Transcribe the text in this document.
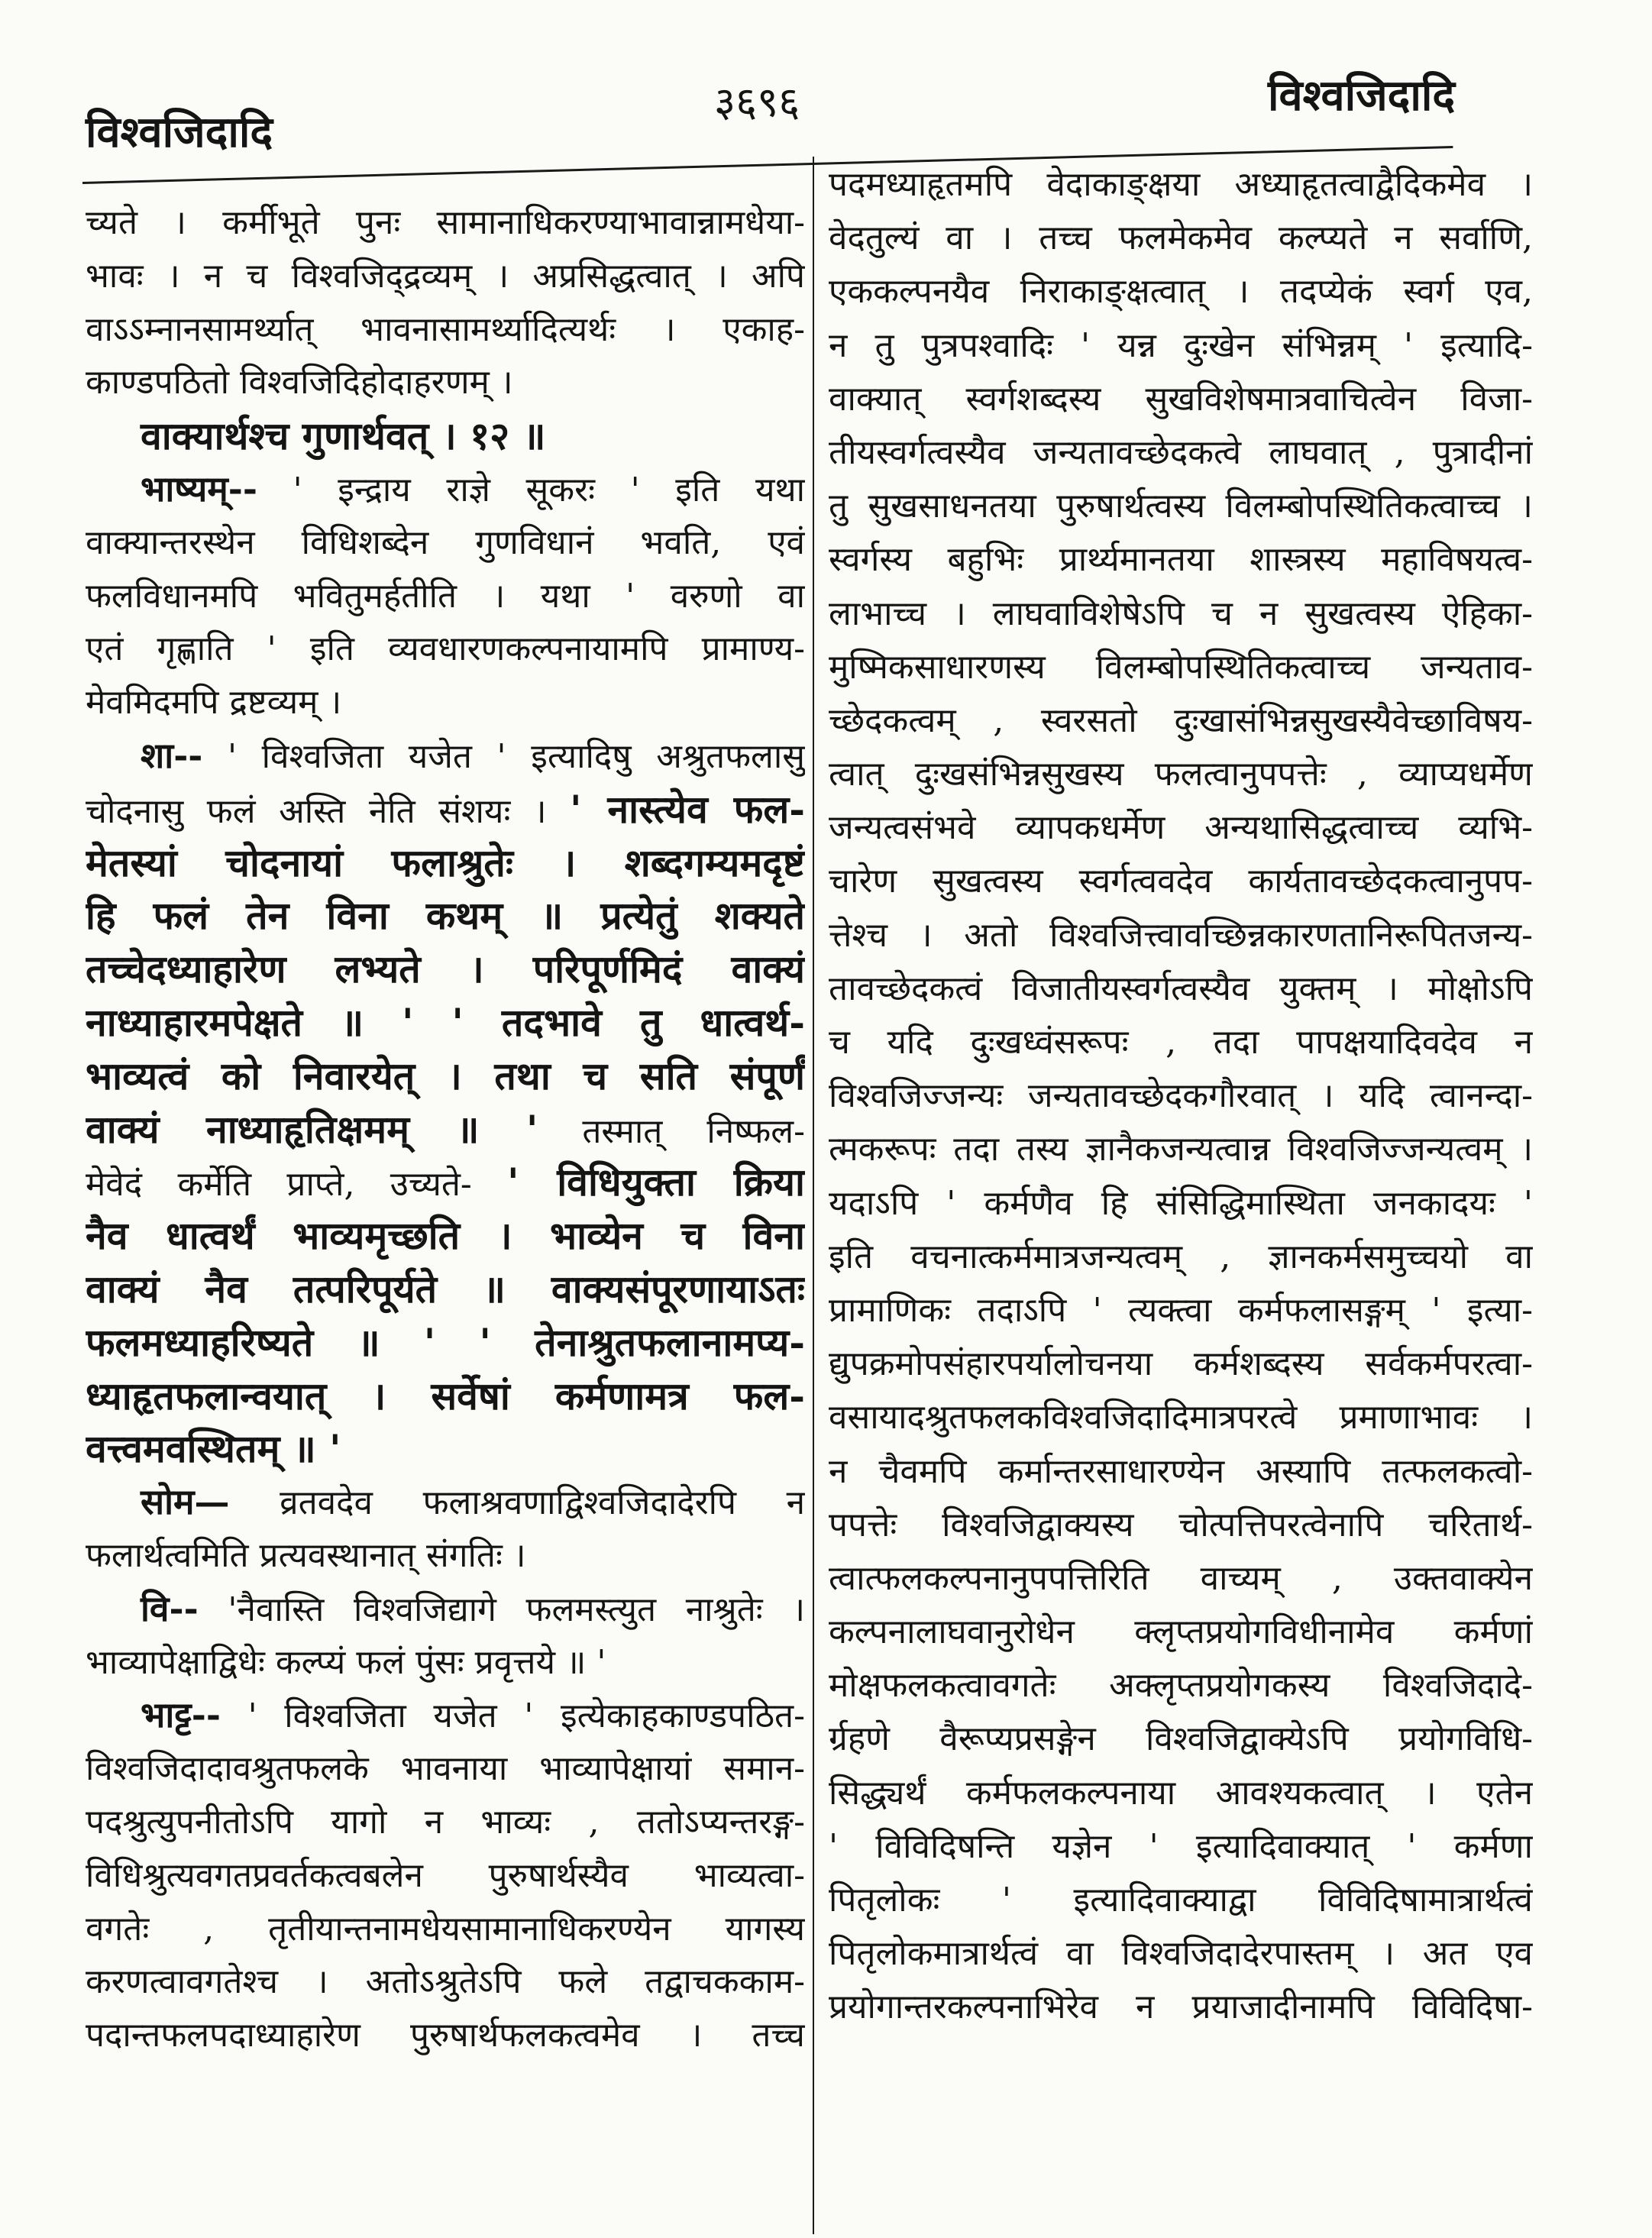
विश्वजिदादि
३६९६	विश्वजिदादि
च्यते । कर्मीभूते पुनः सामानाधिकरण्याभावान्नामधेया-
भावः । न च विश्वजिद्द्रव्यम् । अप्रसिद्धत्वात् । अपि
वाऽऽम्नानसामर्थ्यात् भावनासामर्थ्यादित्यर्थः । एकाह-
काण्डपठितो विश्वजिदिहोदाहरणम् ।
वाक्यार्थश्च गुणार्थवत् । १२ ॥
भाष्यम्-- ' इन्द्राय राज्ञे सूकरः ' इति यथा
वाक्यान्तरस्थेन विधिशब्देन गुणविधानं भवति, एवं
फलविधानमपि भवितुमर्हतीति । यथा ' वरुणो वा
एतं गृह्णाति ' इति व्यवधारणकल्पनायामपि प्रामाण्य-
मेवमिदमपि द्रष्टव्यम् ।
शा-- ' विश्वजिता यजेत ' इत्यादिषु अश्रुतफलासु
चोदनासु फलं अस्ति नेति संशयः । ' नास्त्येव फल-
मेतस्यां चोदनायां फलाश्रुतेः । शब्दगम्यमदृष्टं
हि फलं तेन विना कथम् ॥ प्रत्येतुं शक्यते
तच्चेदध्याहारेण लभ्यते । परिपूर्णमिदं वाक्यं
नाध्याहारमपेक्षते ॥ ' ' तदभावे तु धात्वर्थ-
भाव्यत्वं को निवारयेत् । तथा च सति संपूर्णं
वाक्यं नाध्याहृतिक्षमम् ॥ ' तस्मात् निष्फल-
मेवेदं कर्मेति प्राप्ते, उच्यते- ' विधियुक्ता क्रिया
नैव धात्वर्थं भाव्यमृच्छति । भाव्येन च विना
वाक्यं नैव तत्परिपूर्यते ॥ वाक्यसंपूरणायाऽतः
फलमध्याहरिष्यते ॥ ' ' तेनाश्रुतफलानामप्य-
ध्याहृतफलान्वयात् । सर्वेषां कर्मणामत्र फल-
वत्त्वमवस्थितम् ॥ '
सोम— व्रतवदेव फलाश्रवणाद्विश्वजिदादेरपि न
फलार्थत्वमिति प्रत्यवस्थानात् संगतिः ।
वि-- 'नैवास्ति विश्वजिद्यागे फलमस्त्युत नाश्रुतेः ।
भाव्यापेक्षाद्विधेः कल्प्यं फलं पुंसः प्रवृत्तये ॥ '
भाट्ट-- ' विश्वजिता यजेत ' इत्येकाहकाण्डपठित-
विश्वजिदादावश्रुतफलके भावनाया भाव्यापेक्षायां समान-
पदश्रुत्युपनीतोऽपि यागो न भाव्यः , ततोऽप्यन्तरङ्ग-
विधिश्रुत्यवगतप्रवर्तकत्वबलेन पुरुषार्थस्यैव भाव्यत्वा-
वगतेः , तृतीयान्तनामधेयसामानाधिकरण्येन यागस्य
करणत्वावगतेश्च । अतोऽश्रुतेऽपि फले तद्वाचककाम-
पदान्तफलपदाध्याहारेण पुरुषार्थफलकत्वमेव । तच्च
पदमध्याहृतमपि वेदाकाङ्क्षया अध्याहृतत्वाद्वैदिकमेव ।
वेदतुल्यं वा । तच्च फलमेकमेव कल्प्यते न सर्वाणि,
एककल्पनयैव निराकाङ्क्षत्वात् । तदप्येकं स्वर्ग एव,
न तु पुत्रपश्वादिः ' यन्न दुःखेन संभिन्नम् ' इत्यादि-
वाक्यात् स्वर्गशब्दस्य सुखविशेषमात्रवाचित्वेन विजा-
तीयस्वर्गत्वस्यैव जन्यतावच्छेदकत्वे लाघवात् , पुत्रादीनां
तु सुखसाधनतया पुरुषार्थत्वस्य विलम्बोपस्थितिकत्वाच्च ।
स्वर्गस्य बहुभिः प्रार्थ्यमानतया शास्त्रस्य महाविषयत्व-
लाभाच्च । लाघवाविशेषेऽपि च न सुखत्वस्य ऐहिका-
मुष्मिकसाधारणस्य विलम्बोपस्थितिकत्वाच्च जन्यताव-
च्छेदकत्वम् , स्वरसतो दुःखासंभिन्नसुखस्यैवेच्छाविषय-
त्वात् दुःखसंभिन्नसुखस्य फलत्वानुपपत्तेः , व्याप्यधर्मेण
जन्यत्वसंभवे व्यापकधर्मेण अन्यथासिद्धत्वाच्च व्यभि-
चारेण सुखत्वस्य स्वर्गत्ववदेव कार्यतावच्छेदकत्वानुपप-
त्तेश्च । अतो विश्वजित्त्वावच्छिन्नकारणतानिरूपितजन्य-
तावच्छेदकत्वं विजातीयस्वर्गत्वस्यैव युक्तम् । मोक्षोऽपि
च यदि दुःखध्वंसरूपः , तदा पापक्षयादिवदेव न
विश्वजिज्जन्यः जन्यतावच्छेदकगौरवात् । यदि त्वानन्दा-
त्मकरूपः तदा तस्य ज्ञानैकजन्यत्वान्न विश्वजिज्जन्यत्वम् ।
यदाऽपि ' कर्मणैव हि संसिद्धिमास्थिता जनकादयः '
इति वचनात्कर्ममात्रजन्यत्वम् , ज्ञानकर्मसमुच्चयो वा
प्रामाणिकः तदाऽपि ' त्यक्त्वा कर्मफलासङ्गम् ' इत्या-
द्युपक्रमोपसंहारपर्यालोचनया कर्मशब्दस्य सर्वकर्मपरत्वा-
वसायादश्रुतफलकविश्वजिदादिमात्रपरत्वे प्रमाणाभावः ।
न चैवमपि कर्मान्तरसाधारण्येन अस्यापि तत्फलकत्वो-
पपत्तेः विश्वजिद्वाक्यस्य चोत्पत्तिपरत्वेनापि चरितार्थ-
त्वात्फलकल्पनानुपपत्तिरिति वाच्यम् , उक्तवाक्येन
कल्पनालाघवानुरोधेन क्लृप्तप्रयोगविधीनामेव कर्मणां
मोक्षफलकत्वावगतेः अक्लृप्तप्रयोगकस्य विश्वजिदादे-
र्ग्रहणे वैरूप्यप्रसङ्गेन विश्वजिद्वाक्येऽपि प्रयोगविधि-
सिद्ध्यर्थं कर्मफलकल्पनाया आवश्यकत्वात् । एतेन
' विविदिषन्ति यज्ञेन ' इत्यादिवाक्यात् ' कर्मणा
पितृलोकः ' इत्यादिवाक्याद्वा विविदिषामात्रार्थत्वं
पितृलोकमात्रार्थत्वं वा विश्वजिदादेरपास्तम् । अत एव
प्रयोगान्तरकल्पनाभिरेव न प्रयाजादीनामपि विविदिषा-
